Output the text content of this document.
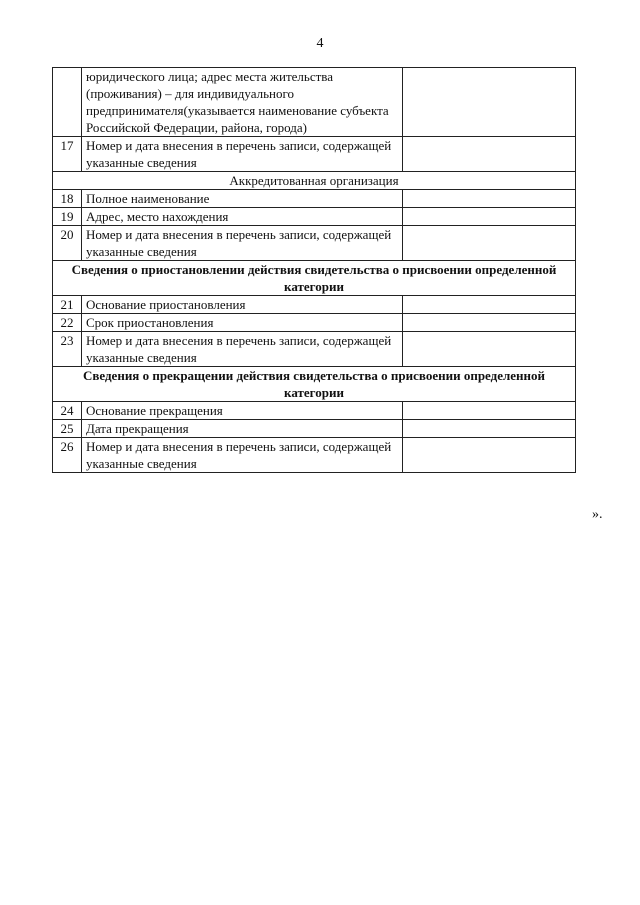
4
	юридического лица; адрес места жительства (проживания) – для индивидуального предпринимателя(указывается наименование субъекта Российской Федерации, района, города)	
17	Номер и дата внесения в перечень записи, содержащей указанные сведения	
Аккредитованная организация		
18	Полное наименование	
19	Адрес, место нахождения	
20	Номер и дата внесения в перечень записи, содержащей указанные сведения	
Сведения о приостановлении действия свидетельства о присвоении определенной категории		
21	Основание приостановления	
22	Срок приостановления	
23	Номер и дата внесения в перечень записи, содержащей указанные сведения	
Сведения о прекращении действия свидетельства о присвоении определенной категории		
24	Основание прекращения	
25	Дата прекращения	
26	Номер и дата внесения в перечень записи, содержащей указанные сведения	
».
